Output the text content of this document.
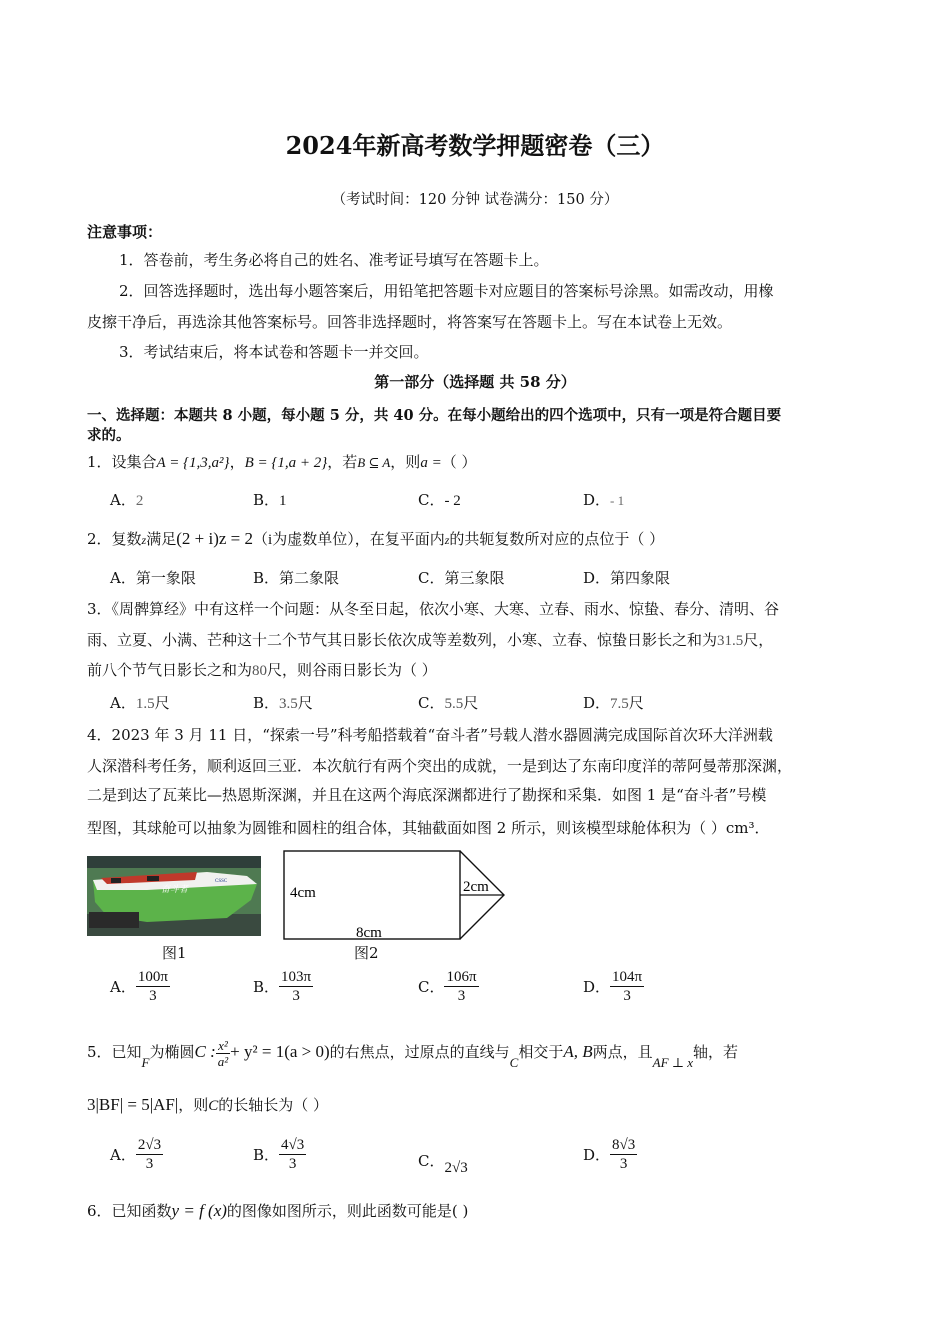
2024年新高考数学押题密卷（三）
（考试时间：120 分钟 试卷满分：150 分）
注意事项：
1．答卷前，考生务必将自己的姓名、准考证号填写在答题卡上。
2．回答选择题时，选出每小题答案后，用铅笔把答题卡对应题目的答案标号涂黑。如需改动，用橡
皮擦干净后，再选涂其他答案标号。回答非选择题时，将答案写在答题卡上。写在本试卷上无效。
3．考试结束后，将本试卷和答题卡一并交回。
第一部分（选择题 共 58 分）
一、选择题：本题共 8 小题，每小题 5 分，共 40 分。在每小题给出的四个选项中，只有一项是符合题目要
求的。
1．设集合A = {1,3,a²}，B = {1,a + 2}，若B ⊆ A，则a =（ ）
A．2	B．1	C．- 2	D．- 1
2．复数z满足(2 + i)z = 2（i为虚数单位），在复平面内z的共轭复数所对应的点位于（ ）
A．第一象限	B．第二象限	C．第三象限	D．第四象限
3．《周髀算经》中有这样一个问题：从冬至日起，依次小寒、大寒、立春、雨水、惊蛰、春分、清明、谷
雨、立夏、小满、芒种这十二个节气其日影长依次成等差数列，小寒、立春、惊蛰日影长之和为31.5尺，
前八个节气日影长之和为80尺，则谷雨日影长为（ ）
A．1.5尺	B．3.5尺	C．5.5尺	D．7.5尺
4．2023 年 3 月 11 日，“探索一号”科考船搭载着“奋斗者”号载人潜水器圆满完成国际首次环大洋洲载
人深潜科考任务，顺利返回三亚．本次航行有两个突出的成就，一是到达了东南印度洋的蒂阿曼蒂那深渊，
二是到达了瓦莱比—热恩斯深渊，并且在这两个海底深渊都进行了勘探和采集．如图 1 是“奋斗者”号模
型图，其球舱可以抽象为圆锥和圆柱的组合体，其轴截面如图 2 所示，则该模型球舱体积为（ ）cm³．
奋斗者
CSSC
图1
4cm	2cm
8cm
图2
A． $\frac{100\pi}{3}$	B． $\frac{103\pi}{3}$	C． $\frac{106\pi}{3}$	D． $\frac{104\pi}{3}$
5．已知F为椭圆C : $\frac{\text{x²}}{\text{a²}} + y^2 = 1(a > 0)$的右焦点，过原点的直线与C相交于A, B两点，且AF ⊥ x轴，若
3|BF| = 5|AF|，则C的长轴长为（ ）
A． $\frac{2√3}{3}$	B． $\frac{4√3}{3}$	C．2√3
D． $\frac{8√3}{3}$
6．已知函数y = f (x)的图像如图所示，则此函数可能是( )
